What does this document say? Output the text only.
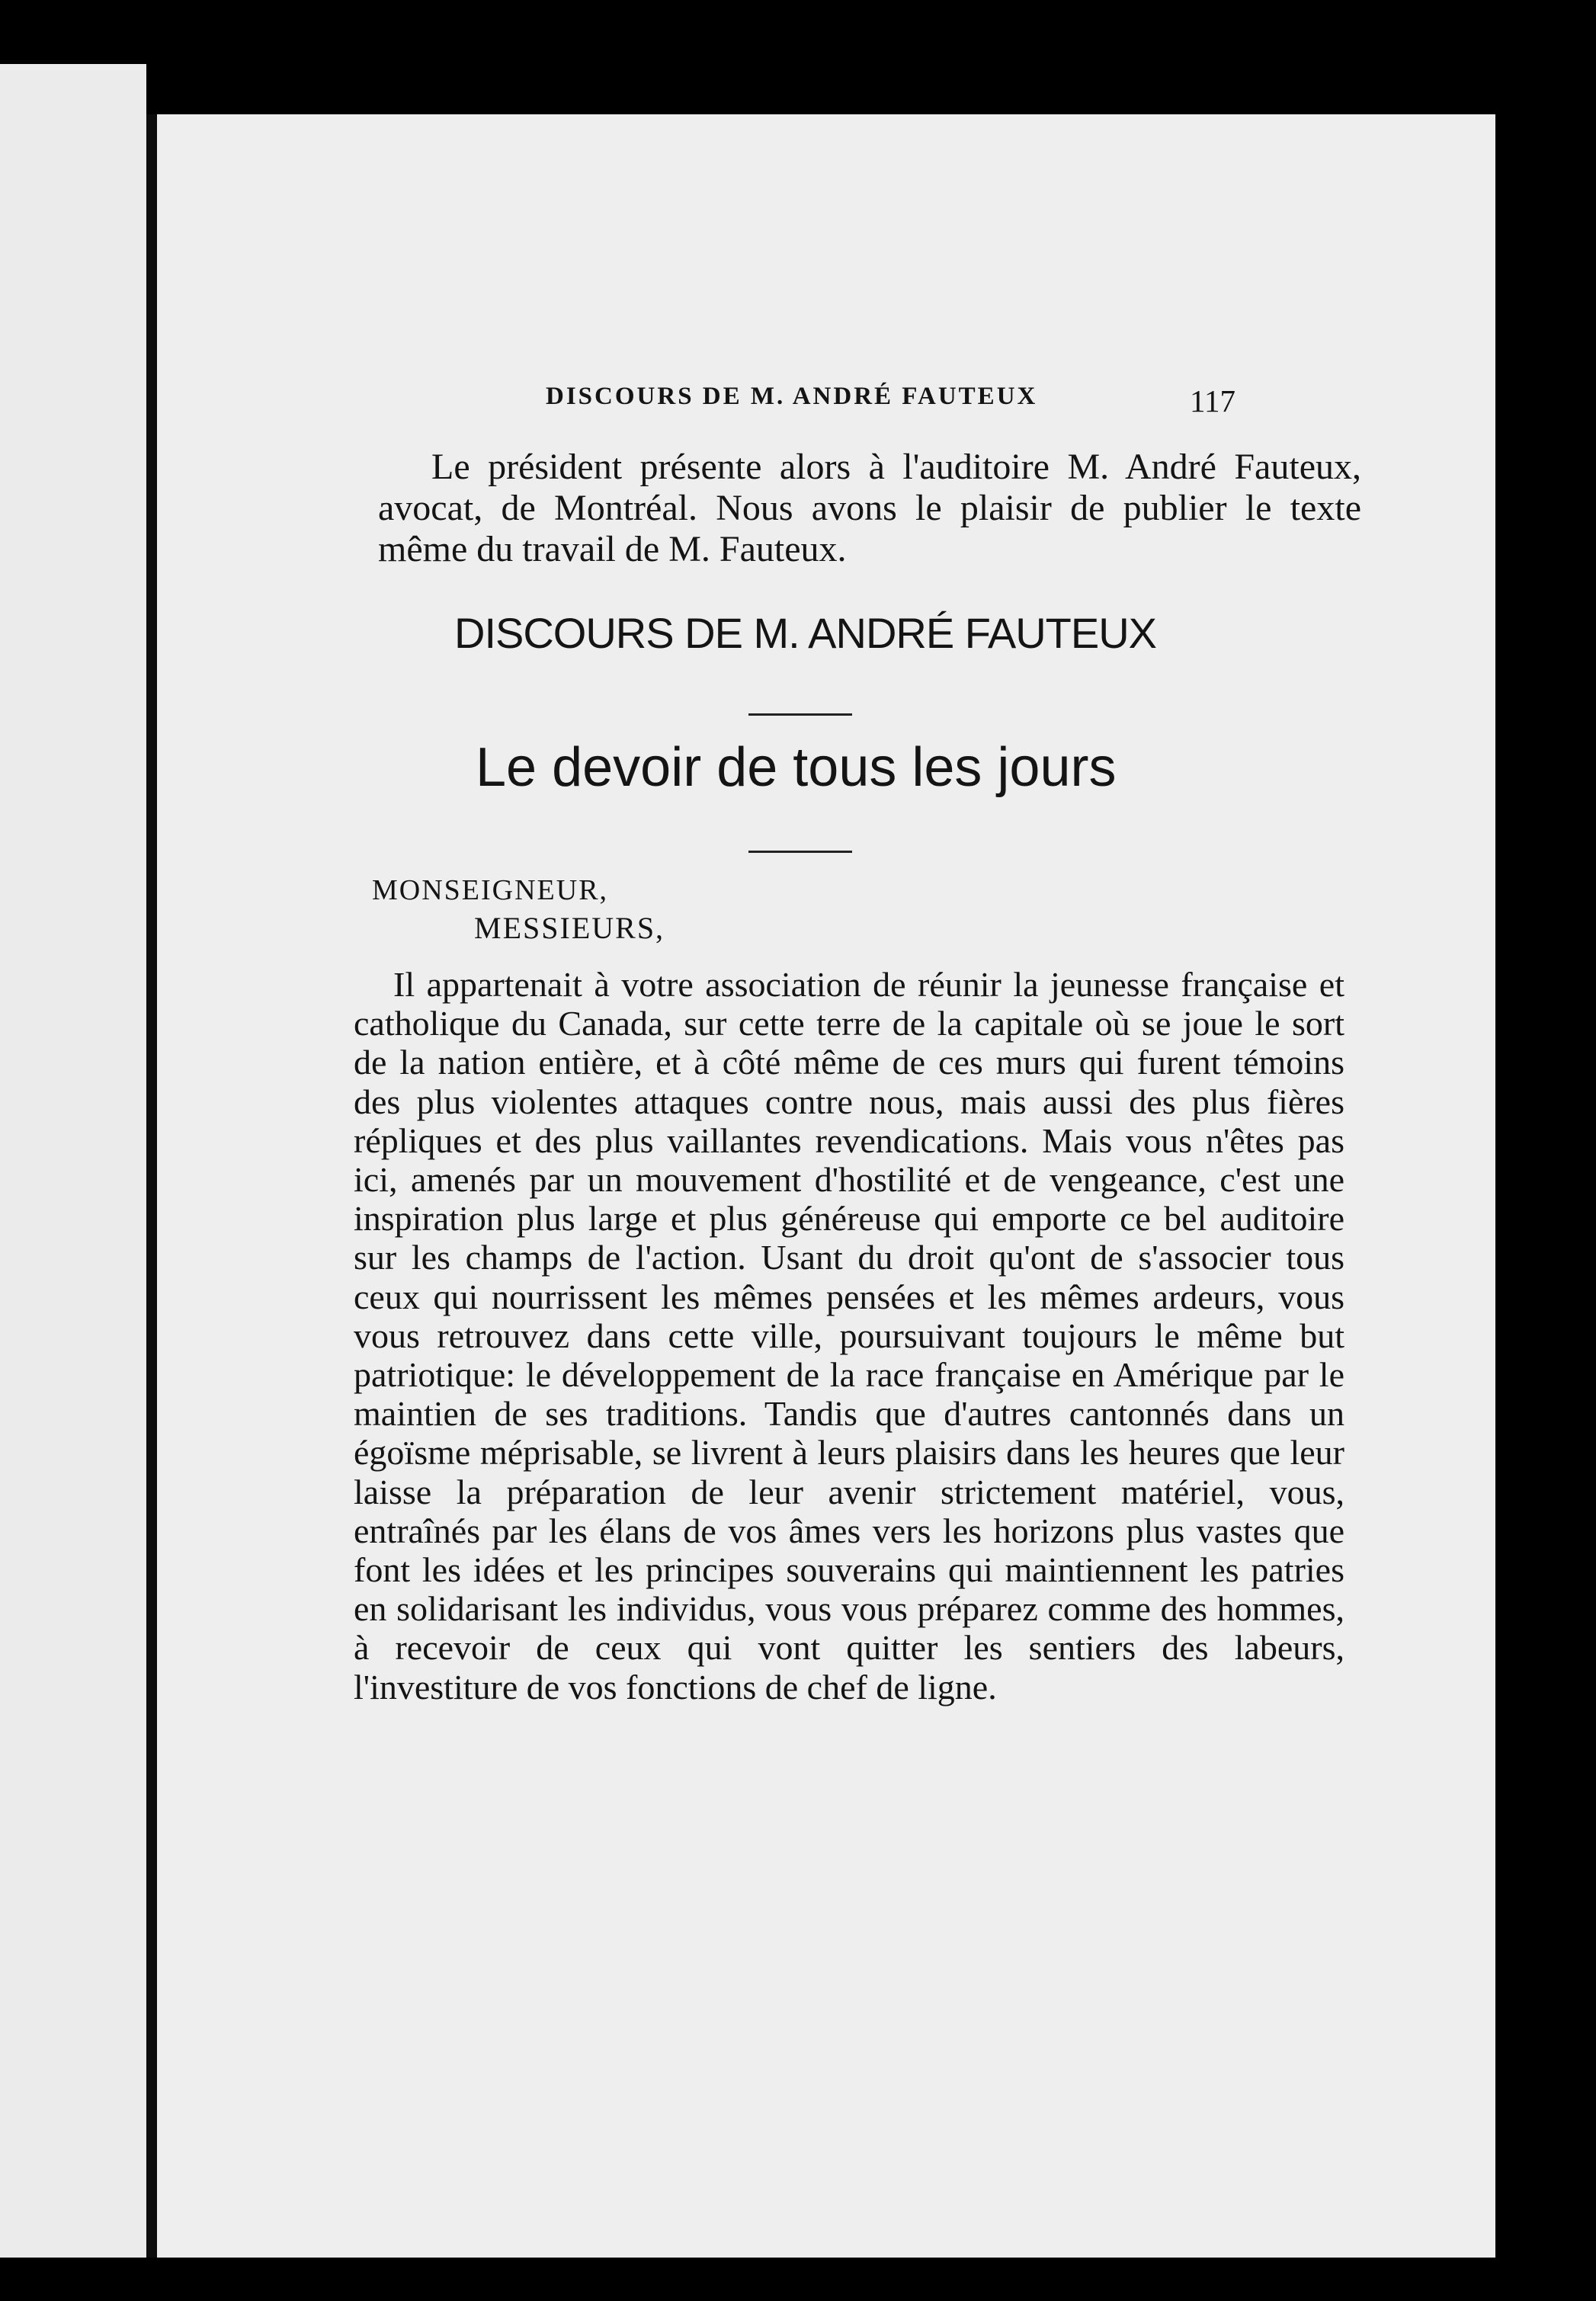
DISCOURS DE M. ANDRÉ FAUTEUX	117

Le président présente alors à l'auditoire M. André Fauteux, avocat, de Montréal. Nous avons le plaisir de publier le texte même du travail de M. Fauteux.

DISCOURS DE M. ANDRÉ FAUTEUX
Le devoir de tous les jours
MONSEIGNEUR,
MESSIEURS,

Il appartenait à votre association de réunir la jeunesse française et catholique du Canada, sur cette terre de la capitale où se joue le sort de la nation entière, et à côté même de ces murs qui furent témoins des plus violentes attaques contre nous, mais aussi des plus fières répliques et des plus vaillantes revendications. Mais vous n'êtes pas ici, amenés par un mouvement d'hostilité et de vengeance, c'est une inspiration plus large et plus généreuse qui emporte ce bel auditoire sur les champs de l'action. Usant du droit qu'ont de s'associer tous ceux qui nourrissent les mêmes pensées et les mêmes ardeurs, vous vous retrouvez dans cette ville, poursuivant toujours le même but patriotique: le développement de la race française en Amérique par le maintien de ses traditions. Tandis que d'autres cantonnés dans un égoïsme méprisable, se livrent à leurs plaisirs dans les heures que leur laisse la préparation de leur avenir strictement matériel, vous, entraînés par les élans de vos âmes vers les horizons plus vastes que font les idées et les principes souverains qui maintiennent les patries en solidarisant les individus, vous vous préparez comme des hommes, à recevoir de ceux qui vont quitter les sentiers des labeurs, l'investiture de vos fonctions de chef de ligne.
